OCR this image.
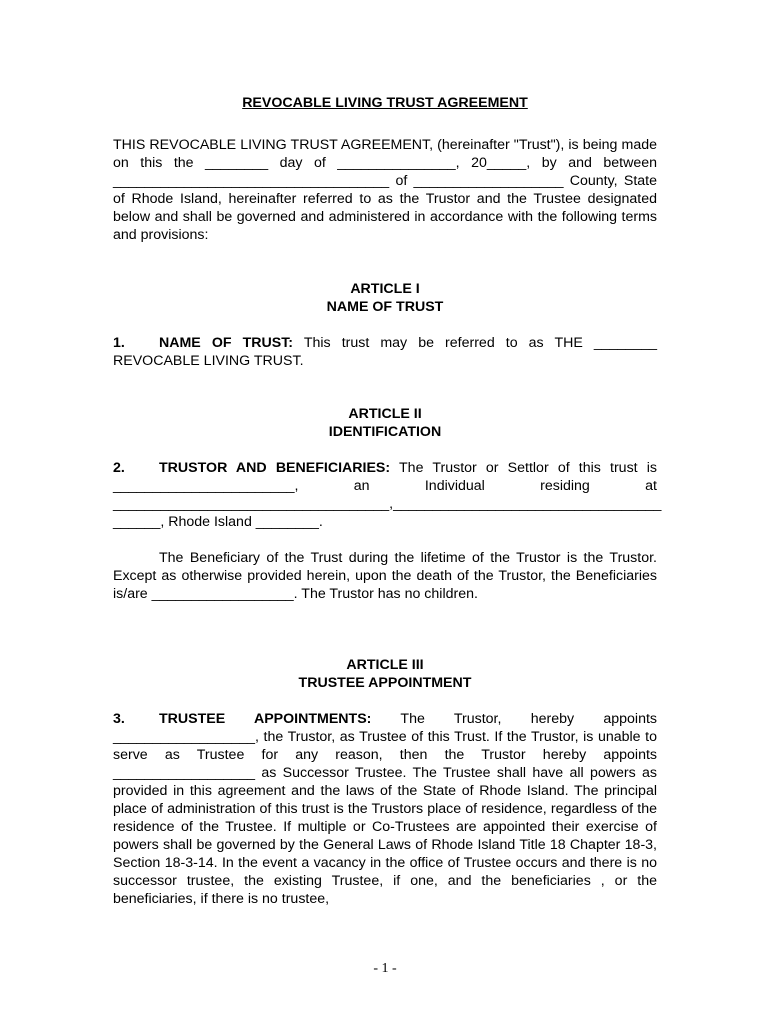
REVOCABLE LIVING TRUST AGREEMENT

THIS REVOCABLE LIVING TRUST AGREEMENT, (hereinafter "Trust"), is being made on this the ________ day of _______________, 20_____, by and between ___________________________________ of ___________________ County, State of Rhode Island, hereinafter referred to as the Trustor and the Trustee designated below and shall be governed and administered in accordance with the following terms and provisions:

ARTICLE I
NAME OF TRUST

1. NAME OF TRUST: This trust may be referred to as THE ________ REVOCABLE LIVING TRUST.

ARTICLE II
IDENTIFICATION

2. TRUSTOR AND BENEFICIARIES: The Trustor or Settlor of this trust is _______________________, an Individual residing at ___________________________________,__________________________________ ______, Rhode Island ________.

The Beneficiary of the Trust during the lifetime of the Trustor is the Trustor. Except as otherwise provided herein, upon the death of the Trustor, the Beneficiaries is/are __________________. The Trustor has no children.

ARTICLE III
TRUSTEE APPOINTMENT

3. TRUSTEE APPOINTMENTS: The Trustor, hereby appoints __________________, the Trustor, as Trustee of this Trust. If the Trustor, is unable to serve as Trustee for any reason, then the Trustor hereby appoints __________________ as Successor Trustee. The Trustee shall have all powers as provided in this agreement and the laws of the State of Rhode Island. The principal place of administration of this trust is the Trustors place of residence, regardless of the residence of the Trustee. If multiple or Co-Trustees are appointed their exercise of powers shall be governed by the General Laws of Rhode Island Title 18 Chapter 18-3, Section 18-3-14. In the event a vacancy in the office of Trustee occurs and there is no successor trustee, the existing Trustee, if one, and the beneficiaries , or the beneficiaries, if there is no trustee,

- 1 -
